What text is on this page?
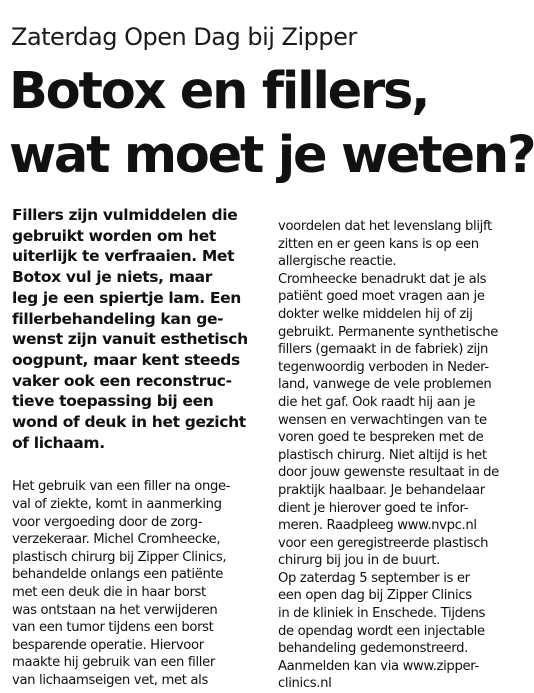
Zaterdag Open Dag bij Zipper
Botox en fillers,
wat moet je weten?

Fillers zijn vulmiddelen die
gebruikt worden om het
uiterlijk te verfraaien. Met
Botox vul je niets, maar
leg je een spiertje lam. Een
fillerbehandeling kan ge-
wenst zijn vanuit esthetisch
oogpunt, maar kent steeds
vaker ook een reconstruc-
tieve toepassing bij een
wond of deuk in het gezicht
of lichaam.

Het gebruik van een filler na onge-
val of ziekte, komt in aanmerking
voor vergoeding door de zorg-
verzekeraar. Michel Cromheecke,
plastisch chirurg bij Zipper Clinics,
behandelde onlangs een patiënte
met een deuk die in haar borst
was ontstaan na het verwijderen
van een tumor tijdens een borst
besparende operatie. Hiervoor
maakte hij gebruik van een filler
van lichaamseigen vet, met als

voordelen dat het levenslang blijft
zitten en er geen kans is op een
allergische reactie.
Cromheecke benadrukt dat je als
patiënt goed moet vragen aan je
dokter welke middelen hij of zij
gebruikt. Permanente synthetische
fillers (gemaakt in de fabriek) zijn
tegenwoordig verboden in Neder-
land, vanwege de vele problemen
die het gaf. Ook raadt hij aan je
wensen en verwachtingen van te
voren goed te bespreken met de
plastisch chirurg. Niet altijd is het
door jouw gewenste resultaat in de
praktijk haalbaar. Je behandelaar
dient je hierover goed te infor-
meren. Raadpleeg www.nvpc.nl
voor een geregistreerde plastisch
chirurg bij jou in de buurt.
Op zaterdag 5 september is er
een open dag bij Zipper Clinics
in de kliniek in Enschede. Tijdens
de opendag wordt een injectable
behandeling gedemonstreerd.
Aanmelden kan via www.zipper-
clinics.nl
